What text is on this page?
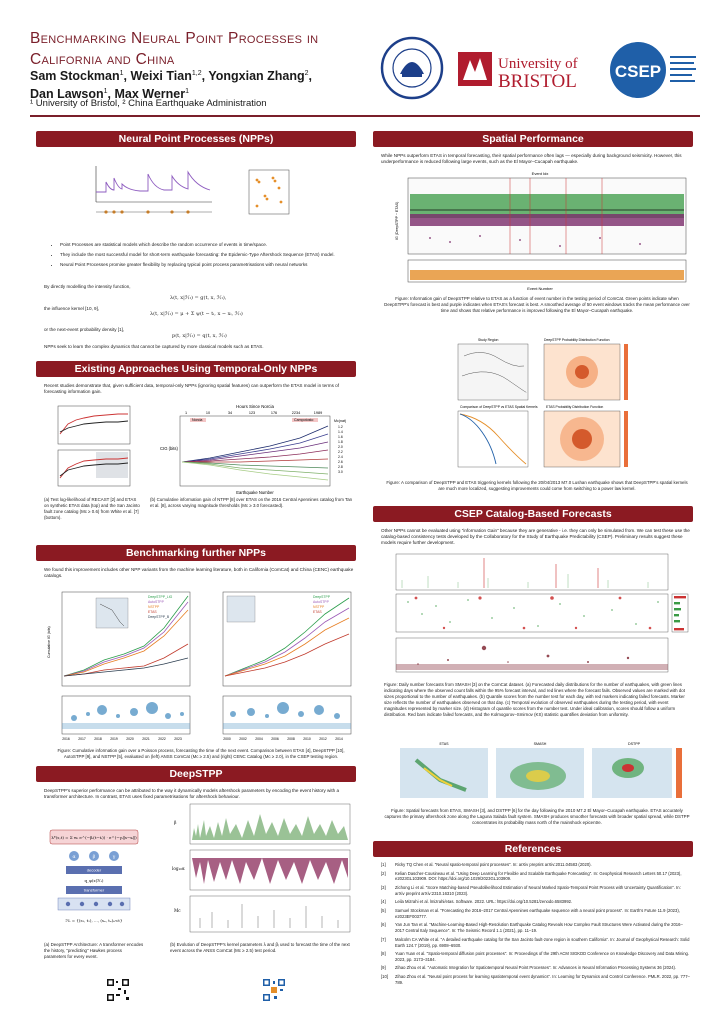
Benchmarking Neural Point Processes in California and China
Sam Stockman$^1$, Weixi Tian$^{1,2}$, Yongxian Zhang$^2$,
Dan Lawson$^1$, Max Werner$^1$
¹ University of Bristol, ² China Earthquake Administration
University of
BRISTOL CSEP
Neural Point Processes (NPPs)
• Point Processes are statistical models which describe the random occurrence of events in time/space.
• They include the most successful model for short-term earthquake forecasting: the Epidemic-Type Aftershock Sequence (ETAS) model.
• Neural Point Processes promise greater flexibility by replacing typical point process parametrisations with neural networks
By directly modelling the intensity function,
λ(t, x|ℋₜ) = g(t, x, ℋₜ),
the influence kernel [10, 9],
λ(t, x|ℋₜ) = μ + Σ ψ(t − tᵢ, x − xᵢ, ℋₜ)
or the next-event probability density [1],
p(t, x|ℋₜ) = q(t, x, ℋₜ)
NPPs seek to learn the complex dynamics that cannot be captured by more classical models such as ETAS.
Existing Approaches Using Temporal-Only NPPs
Recent studies demonstrate that, given sufficient data, temporal-only NPPs (ignoring spatial features) can outperform the ETAS model in terms of forecasting information gain.
Hours Since Norcia
1	10	34	123	176	2234	1989
Norcia	Campotosto
CIG (bits)
Earthquake Number
Mc(nat)
1.2
1.4
1.6
1.8
2.0
2.2
2.4
2.6
2.8
3.0
(a) Test log-likelihood of RECAST [2] and ETAS on synthetic ETAS data (top) and the San Jacinto fault zone catalog (Mc ≥ 0.6) from White et al. [7] (bottom).
(b) Cumulative information gain of NTPP [8] over ETAS on the 2016 Central Apennines catalog from Tan et al. [8], across varying magnitude thresholds (Mc ≥ 3.0 forecasted).
Benchmarking further NPPs
We found this improvement includes other NPP variants from the machine learning literature, both in California (ComCat) and China (CENC) earthquake catalogs.
DeepSTPP_LIG
AutoSTPP
NSTPP
ETAS
DeepSTPP_B
Cumulative IG (bits)
2016 2017 2018 2019 2020 2021 2022 2023
DeepSTPP
AutoSTPP
NSTPP
ETAS
2000 2002 2004 2006 2008 2010 2012 2014
Figure: Cumulative information gain over a Poisson process, forecasting the time of the next event. Comparison between ETAS [4], DeepSTPP [10], AutoSTPP [9], and NSTPP [5], evaluated on (left) ANSS ComCat (Mc ≥ 2.5) and (right) CENC Catalog (Mc ≥ 2.0), in the CSEP testing region.
DeepSTPP
DeepSTPP's superior performance can be attributed to the way it dynamically models aftershock parameters by encoding the event history with a transformer architecture. In contrast, ETAS uses fixed parametrisations for aftershock behaviour.
λ*(s,t) = Σ wᵢ e^(−βᵢ(t−tᵢ)) · e^(−γᵢ‖s−sᵢ‖)
α	β	γ
decoder
q_φ(z|ℋₜ)
transformer
ℋₜ = {(s₁, t₁), ..., (sₙ, tₙ)ₜᵢ<t}
β
log₁₀α
Mc
(a) DeepSTPP Architecture: A transformer encodes the history, "predicting" Hawkes process parameters for every event.
(b) Evolution of DeepSTPP's kernel parameters λ and βᵢ used to forecast the time of the next event across the ANSS ComCat (Mc ≥ 2.5) test period.
Spatial Performance
While NPPs outperform ETAS in temporal forecasting, their spatial performance often lags — especially during background seismicity. However, this underperformance is reduced following large events, such as the El Mayor–Cucapah earthquake.
Event Idx
IG (DeepSTPP − ETAS)
Event Number
Figure: Information gain of DeepSTPP relative to ETAS as a function of event number in the testing period of ComCat. Green points indicate when DeepSTPP's forecast is best and purple indicates when ETAS's forecast is best. A smoothed average of 50 event windows tracks the mean performance over time and shows that relative performance is improved following the El Mayor–Cucapah earthquake.
Study Region	DeepSTPP Probability Distribution Function
Comparison of DeepSTPP vs ETAS Spatial Kernels ETAS Probability Distribution Function
Figure: A comparison of DeepSTPP and ETAS triggering kernels following the 20/04/2013 M7.0 Lushan earthquake shows that DeepSTPP's spatial kernels are much more localized, suggesting improvements could come from switching to a power law kernel.
CSEP Catalog-Based Forecasts
Other NPPs cannot be evaluated using "information Gain" because they are generative - i.e. they can only be simulated from. We can test these use the catalog-based consistency tests developed by the Collaboratory for the Study of Earthquake Predictability (CSEP). Preliminary results suggest these models require further development.
Figure: Daily number forecasts from SMASH [3] on the ComCat dataset. (a) Forecasted daily distributions for the number of earthquakes, with green lines indicating days where the observed count falls within the 95% forecast interval, and red lines where the forecast fails. Observed values are marked with dot sizes proportional to the number of earthquakes. (b) Quantile scores from the number test for each day, with red markers indicating failed forecasts. Marker size reflects the number of earthquakes observed on that day. (c) Temporal evolution of observed earthquakes during the testing period, with event magnitudes represented by marker size. (d) Histogram of quantile scores from the number test. Under ideal calibration, scores should follow a uniform distribution. Red bars indicate failed forecasts, and the Kolmogorov–Smirnov (KS) statistic quantifies deviation from uniformity.
ETAS	SMASH	DSTPP
Figure: Spatial forecasts from ETAS, SMASH [3], and DSTPP [6] for the day following the 2010 M7.2 El Mayor–Cucapah earthquake. ETAS accurately captures the primary aftershock zone along the Laguna Salada fault system. SMASH produces smoother forecasts with broader spatial spread, while DSTPP concentrates its probability mass north of the mainshock epicentre.
References
[1]	Ricky TQ Chen et al. "Neural spatio-temporal point processes". In: arXiv preprint arXiv:2011.04583 (2020).
[2]	Kelian Dascher-Cousineau et al. "Using Deep Learning for Flexible and Scalable Earthquake Forecasting". In: Geophysical Research Letters 50.17 (2023), e2023GL103909. DOI: https://doi.org/10.1029/2023GL103909.
[3]	Zichong Li et al. "Score Matching-based Pseudolikelihood Estimation of Neural Marked Spatio-Temporal Point Process with Uncertainty Quantification". In: arXiv preprint arXiv:2310.16310 (2023).
[4]	Leila Mizrahi et al. lmizrahi/etas. Software. 2022. URL: https://doi.org/10.5281/zenodo.6583992.
[5]	Samuel Stockman et al. "Forecasting the 2016–2017 Central Apennines earthquake sequence with a neural point process". In: Earth's Future 11.9 (2023), e2023EF003777.
[6]	Yan Jun Tan et al. "Machine-Learning-Based High-Resolution Earthquake Catalog Reveals How Complex Fault Structures Were Activated during the 2016–2017 Central Italy Sequence". In: The Seismic Record 1.1 (2021), pp. 11–19.
[7]	Malcolm CA White et al. "A detailed earthquake catalog for the San Jacinto fault-zone region in southern California". In: Journal of Geophysical Research: Solid Earth 124.7 (2019), pp. 6908–6930.
[8]	Yuan Yuan et al. "Spatio-temporal diffusion point processes". In: Proceedings of the 29th ACM SIGKDD Conference on Knowledge Discovery and Data Mining. 2023, pp. 3173–3184.
[9]	Zihao Zhou et al. "Automatic Integration for Spatiotemporal Neural Point Processes". In: Advances in Neural Information Processing Systems 36 (2024).
[10]	Zihao Zhou et al. "Neural point process for learning spatiotemporal event dynamics". In: Learning for Dynamics and Control Conference. PMLR. 2022, pp. 777–789.
